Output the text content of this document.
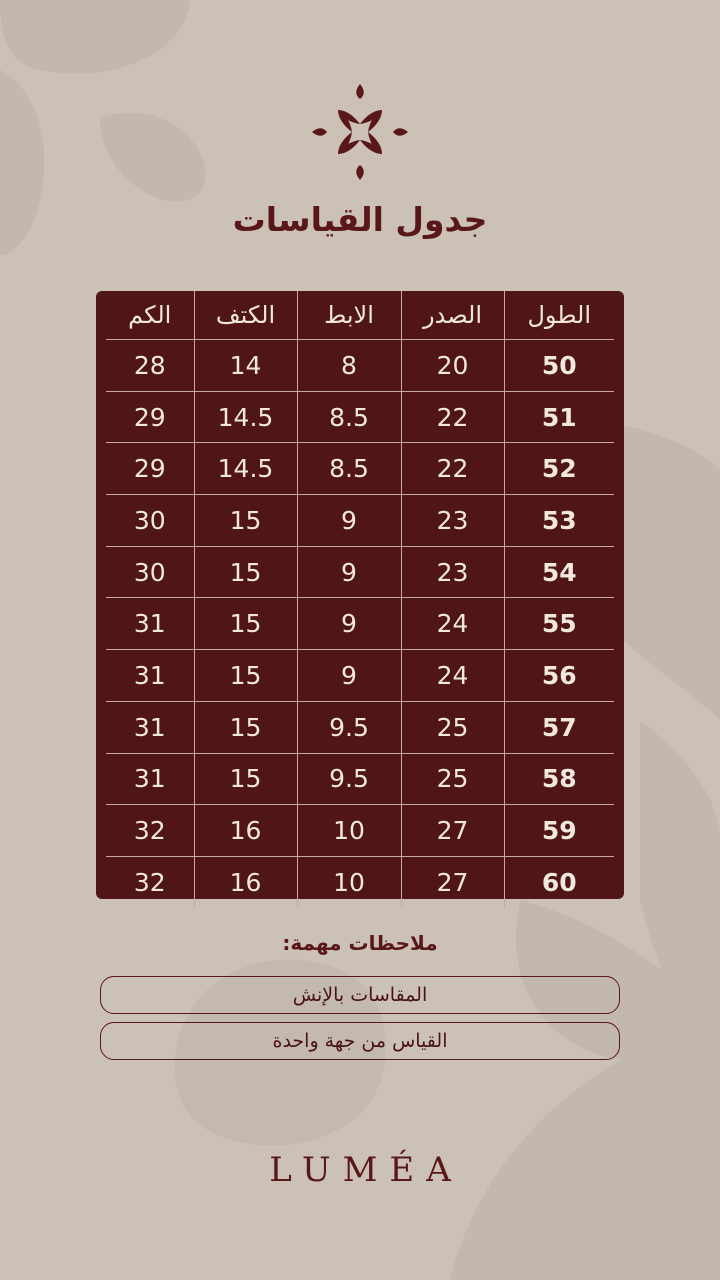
جدول القياسات
الطول	الصدر	الابط	الكتف	الكم
50	20	8	14	28
51	22	8.5	14.5	29
52	22	8.5	14.5	29
53	23	9	15	30
54	23	9	15	30
55	24	9	15	31
56	24	9	15	31
57	25	9.5	15	31
58	25	9.5	15	31
59	27	10	16	32
60	27	10	16	32
ملاحظات مهمة:
المقاسات بالإنش
القياس من جهة واحدة
LUMÉA
